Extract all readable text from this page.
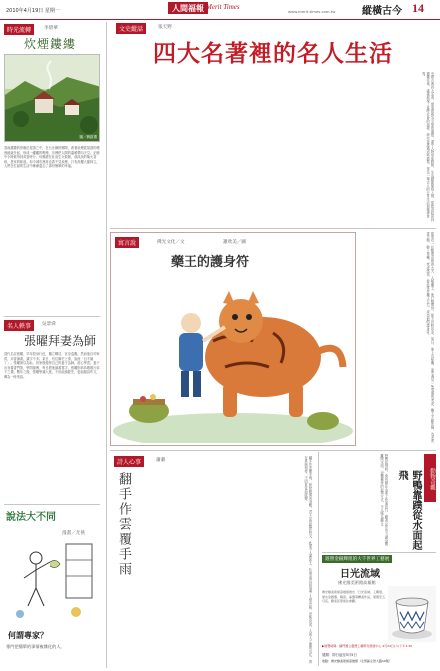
2010年4月19日 星期一	人間福報 Merit Times
www.merit-times.com.tw	縱橫古今 14
時光流轉	李碧華
炊煙鏤縷
圖／劉啟禮
春雨濃濃的傍晚於屋頂之中，在台北縣的鄉間，看著炊煙從屋頂的煙囪緩緩升起，形成一縷縷的輕煙，彷彿把人間的溫暖帶向天空。記憶中小時候每到黃昏時分，母親總在灶前生火做飯，那淡淡的柴火香味，是家的味道。如今城市裡再也看不見炊煙，只有高樓大廈林立，人們在忙碌的生活中漸漸遺忘了那份簡單的幸福。
名人軼事	吳景舜
張曜拜妻為師
清代名臣張曜，早年投身行伍，屢立戰功，官至巡撫。然而他自幼家貧，未曾讀書，識字不多。某日，有位御史上奏，說他「目不識丁」。張曜深以為恥，回家後便拜自己的妻子為師，虛心學習。妻子出身書香門第，學問淵博，每日教他讀書寫字，張曜則恭恭敬敬行弟子之禮。數年之後，張曜學識大進，不但能讀經史，更能賦詩作文，傳為一時美談。
說法大不同
漫畫／尤俠
何謂專家？
專門把簡單的事情複雜化的人。
文史縱話	張天野
四大名著裡的名人生活
中國古典四大名著，歷來被視為文學的瑰寶。書中人物形象鮮明，生活細節描寫入微，從飲食起居到禮儀往來，處處展現了當時社會的風貌。研究者透過這些描寫，得以一窺古人的日常生活與精神世界。
寓言說	佛光文化／文	謝欣美／圖
藥王的護身符	從前有一位醫術高明的大夫，人稱藥王。他行醫濟世，從不計較診金。某日，他上山採藥，途中遇見一隻受傷的老虎。藥王不顧危險，為老虎拔去刺，敷上草藥。老虎感恩，從此常伴藥王左右，成為他的護身符。
詩人心事	蕭蕭
翻手作雲覆手雨	翻手作雲覆手雨，紛紛輕薄何須數。君不見管鮑貧時交，此道今人棄如土。杜甫這首詩寫盡了人情冷暖，世態炎涼。人與人之間的交往，貴在真誠相待，不因貧富而改變。	野鴨起飛時，會用蹼在水面上快速拍打，藉著反作用力讓身體離開水面，這種獨特的起飛方式，令人嘆為觀止。	野鴨靠蹼從水面起飛	動物奇觀
週照金銀輝煌的大千世界工藝展
日光流域
佛光緣美術館高雄館
佛光緣美術館高雄館推出「日光流域」工藝展，展出金銀器、陶瓷、漆器等精美作品，展期至五月底，歡迎民眾前往參觀。
▶展覽時間：鑄門國立臺灣工藝研究發展中心 4月24日(六)下午2:30
展期：即日起至5月5日
地點：佛光緣美術館高雄館（左營區左營大路10號）
